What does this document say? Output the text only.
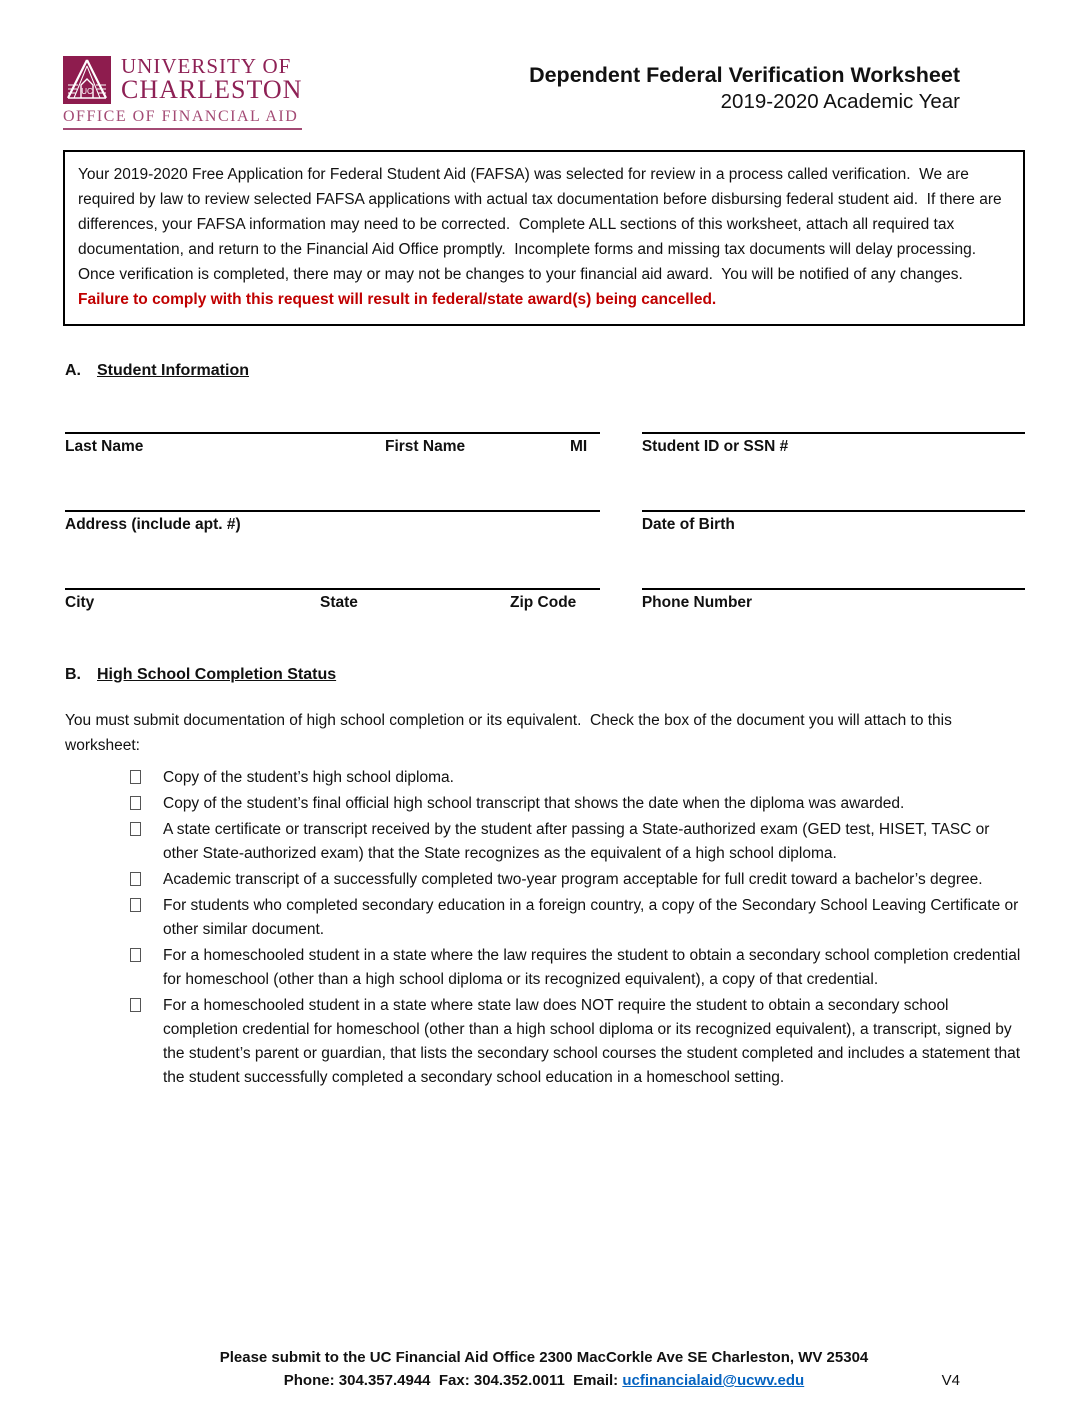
UC
UNIVERSITY OF
CHARLESTON
OFFICE OF FINANCIAL AID
Dependent Federal Verification Worksheet
2019-2020 Academic Year
Your 2019-2020 Free Application for Federal Student Aid (FAFSA) was selected for review in a process called verification.  We are required by law to review selected FAFSA applications with actual tax documentation before disbursing federal student aid.  If there are differences, your FAFSA information may need to be corrected.  Complete ALL sections of this worksheet, attach all required tax documentation, and return to the Financial Aid Office promptly.  Incomplete forms and missing tax documents will delay processing.  Once verification is completed, there may or may not be changes to your financial aid award.  You will be notified of any changes.  Failure to comply with this request will result in federal/state award(s) being cancelled.
A. Student Information
Last Name	First Name	MI	Student ID or SSN #
Address (include apt. #)	Date of Birth
City	State	Zip Code	Phone Number
B. High School Completion Status
You must submit documentation of high school completion or its equivalent.  Check the box of the document you will attach to this worksheet:
Copy of the student’s high school diploma.
Copy of the student’s final official high school transcript that shows the date when the diploma was awarded.
A state certificate or transcript received by the student after passing a State-authorized exam (GED test, HISET, TASC or other State-authorized exam) that the State recognizes as the equivalent of a high school diploma.
Academic transcript of a successfully completed two-year program acceptable for full credit toward a bachelor’s degree.
For students who completed secondary education in a foreign country, a copy of the Secondary School Leaving Certificate or other similar document.
For a homeschooled student in a state where the law requires the student to obtain a secondary school completion credential for homeschool (other than a high school diploma or its recognized equivalent), a copy of that credential.
For a homeschooled student in a state where state law does NOT require the student to obtain a secondary school completion credential for homeschool (other than a high school diploma or its recognized equivalent), a transcript, signed by the student’s parent or guardian, that lists the secondary school courses the student completed and includes a statement that the student successfully completed a secondary school education in a homeschool setting.
Please submit to the UC Financial Aid Office 2300 MacCorkle Ave SE Charleston, WV 25304
Phone: 304.357.4944  Fax: 304.352.0011  Email: ucfinancialaid@ucwv.edu	V4
